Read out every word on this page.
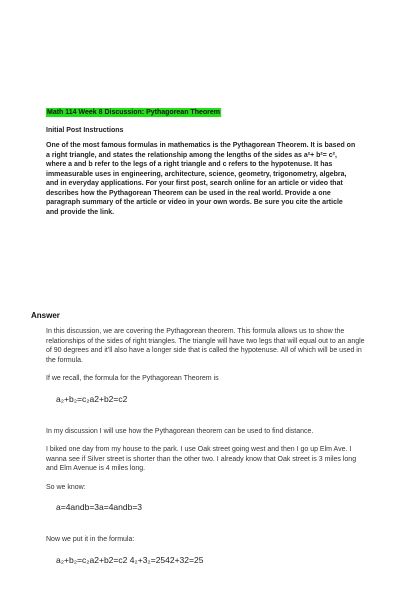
Math 114 Week 8 Discussion: Pythagorean Theorem
Initial Post Instructions
One of the most famous formulas in mathematics is the Pythagorean Theorem. It is based on a right triangle, and states the relationship among the lengths of the sides as a²+ b²= c², where a and b refer to the legs of a right triangle and c refers to the hypotenuse. It has immeasurable uses in engineering, architecture, science, geometry, trigonometry, algebra, and in everyday applications. For your first post, search online for an article or video that describes how the Pythagorean Theorem can be used in the real world. Provide a one paragraph summary of the article or video in your own words. Be sure you cite the article and provide the link.
Answer

In this discussion, we are covering the Pythagorean theorem. This formula allows us to show the relationships of the sides of right triangles. The triangle will have two legs that will equal out to an angle of 90 degrees and it'll also have a longer side that is called the hypotenuse. All of which will be used in the formula.

If we recall, the formula for the Pythagorean Theorem is

a₂+b₂=c₂a2+b2=c2

In my discussion I will use how the Pythagorean theorem can be used to find distance.

I biked one day from my house to the park. I use Oak street going west and then I go up Elm Ave. I wanna see if Silver street is shorter than the other two. I already know that Oak street is 3 miles long and Elm Avenue is 4 miles long.

So we know:

a=4andb=3a=4andb=3

Now we put it in the formula:

a₂+b₂=c₂a2+b2=c2 4₂+3₂=2542+32=25
